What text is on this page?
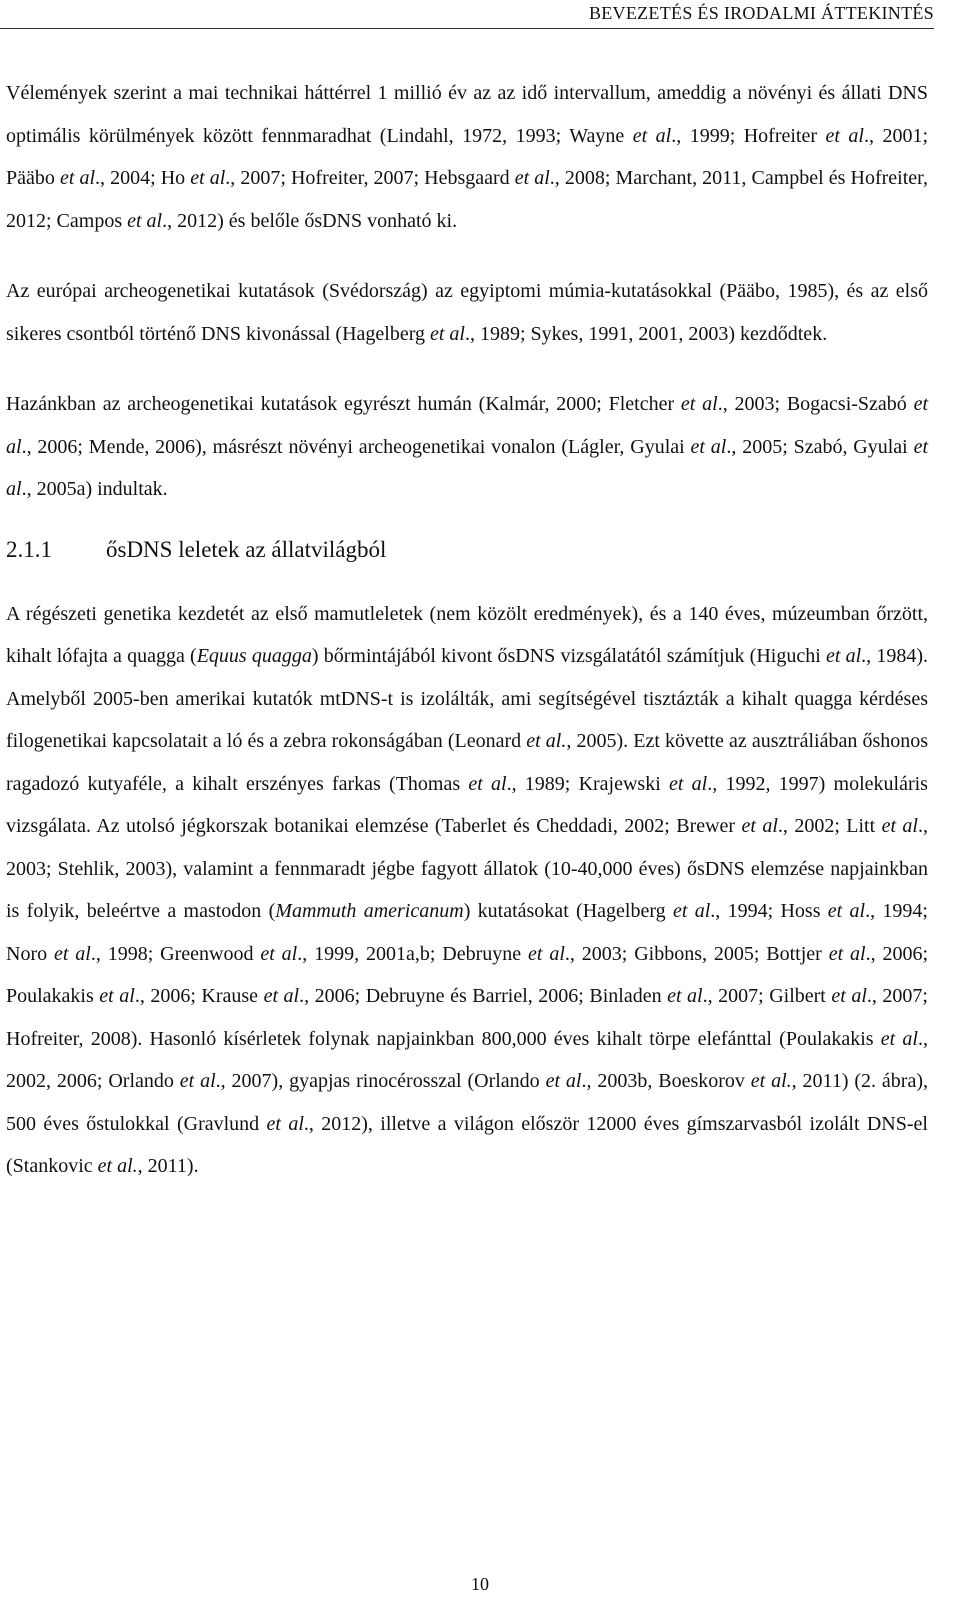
BEVEZETÉS ÉS IRODALMI ÁTTEKINTÉS

Vélemények szerint a mai technikai háttérrel 1 millió év az az idő intervallum, ameddig a növényi és állati DNS optimális körülmények között fennmaradhat (Lindahl, 1972, 1993; Wayne et al., 1999; Hofreiter et al., 2001; Pääbo et al., 2004; Ho et al., 2007; Hofreiter, 2007; Hebsgaard et al., 2008; Marchant, 2011, Campbel és Hofreiter, 2012; Campos et al., 2012) és belőle ősDNS vonható ki.

Az európai archeogenetikai kutatások (Svédország) az egyiptomi múmia-kutatásokkal (Pääbo, 1985), és az első sikeres csontból történő DNS kivonással (Hagelberg et al., 1989; Sykes, 1991, 2001, 2003) kezdődtek.

Hazánkban az archeogenetikai kutatások egyrészt humán (Kalmár, 2000; Fletcher et al., 2003; Bogacsi-Szabó et al., 2006; Mende, 2006), másrészt növényi archeogenetikai vonalon (Lágler, Gyulai et al., 2005; Szabó, Gyulai et al., 2005a) indultak.

2.1.1	ősDNS leletek az állatvilágból

A régészeti genetika kezdetét az első mamutleletek (nem közölt eredmények), és a 140 éves, múzeumban őrzött, kihalt lófajta a quagga (Equus quagga) bőrmintájából kivont ősDNS vizsgálatától számítjuk (Higuchi et al., 1984). Amelyből 2005-ben amerikai kutatók mtDNS-t is izolálták, ami segítségével tisztázták a kihalt quagga kérdéses filogenetikai kapcsolatait a ló és a zebra rokonságában (Leonard et al., 2005). Ezt követte az ausztráliában őshonos ragadozó kutyaféle, a kihalt erszényes farkas (Thomas et al., 1989; Krajewski et al., 1992, 1997) molekuláris vizsgálata. Az utolsó jégkorszak botanikai elemzése (Taberlet és Cheddadi, 2002; Brewer et al., 2002; Litt et al., 2003; Stehlik, 2003), valamint a fennmaradt jégbe fagyott állatok (10-40,000 éves) ősDNS elemzése napjainkban is folyik, beleértve a mastodon (Mammuth americanum) kutatásokat (Hagelberg et al., 1994; Hoss et al., 1994; Noro et al., 1998; Greenwood et al., 1999, 2001a,b; Debruyne et al., 2003; Gibbons, 2005; Bottjer et al., 2006; Poulakakis et al., 2006; Krause et al., 2006; Debruyne és Barriel, 2006; Binladen et al., 2007; Gilbert et al., 2007; Hofreiter, 2008). Hasonló kísérletek folynak napjainkban 800,000 éves kihalt törpe elefánttal (Poulakakis et al., 2002, 2006; Orlando et al., 2007), gyapjas rinocérosszal (Orlando et al., 2003b, Boeskorov et al., 2011) (2. ábra), 500 éves őstulokkal (Gravlund et al., 2012), illetve a világon először 12000 éves gímszarvasból izolált DNS-el (Stankovic et al., 2011).

10
